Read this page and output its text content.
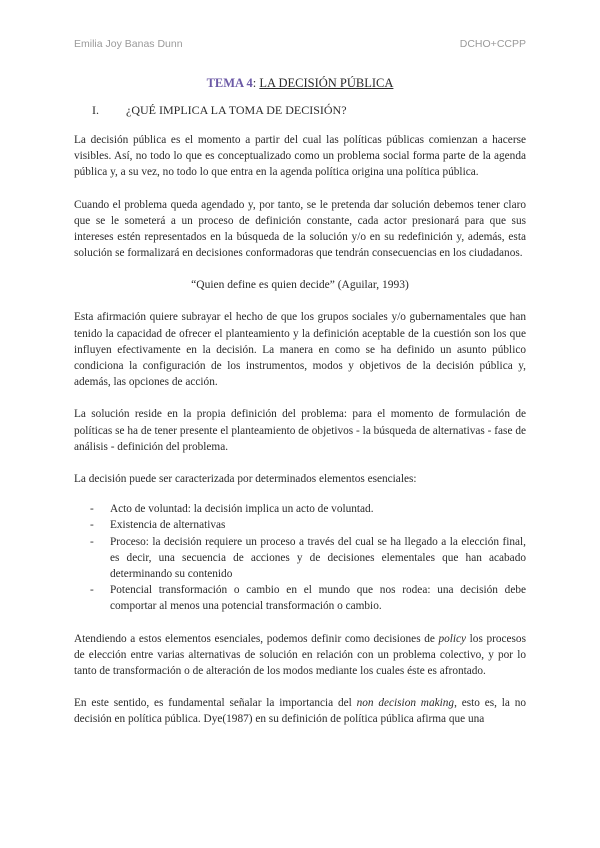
Emilia Joy Banas Dunn	DCHO+CCPP
TEMA 4: LA DECISIÓN PÚBLICA
I.	¿QUÉ IMPLICA LA TOMA DE DECISIÓN?

La decisión pública es el momento a partir del cual las políticas públicas comienzan a hacerse visibles. Así, no todo lo que es conceptualizado como un problema social forma parte de la agenda pública y, a su vez, no todo lo que entra en la agenda política origina una política pública.

Cuando el problema queda agendado y, por tanto, se le pretenda dar solución debemos tener claro que se le someterá a un proceso de definición constante, cada actor presionará para que sus intereses estén representados en la búsqueda de la solución y/o en su redefinición y, además, esta solución se formalizará en decisiones conformadoras que tendrán consecuencias en los ciudadanos.

“Quien define es quien decide” (Aguilar, 1993)

Esta afirmación quiere subrayar el hecho de que los grupos sociales y/o gubernamentales que han tenido la capacidad de ofrecer el planteamiento y la definición aceptable de la cuestión son los que influyen efectivamente en la decisión. La manera en como se ha definido un asunto público condiciona la configuración de los instrumentos, modos y objetivos de la decisión pública y, además, las opciones de acción.

La solución reside en la propia definición del problema: para el momento de formulación de políticas se ha de tener presente el planteamiento de objetivos - la búsqueda de alternativas - fase de análisis - definición del problema.

La decisión puede ser caracterizada por determinados elementos esenciales:

-	Acto de voluntad: la decisión implica un acto de voluntad.
-	Existencia de alternativas
-	Proceso: la decisión requiere un proceso a través del cual se ha llegado a la elección final, es decir, una secuencia de acciones y de decisiones elementales que han acabado determinando su contenido
-	Potencial transformación o cambio en el mundo que nos rodea: una decisión debe comportar al menos una potencial transformación o cambio.

Atendiendo a estos elementos esenciales, podemos definir como decisiones de policy los procesos de elección entre varias alternativas de solución en relación con un problema colectivo, y por lo tanto de transformación o de alteración de los modos mediante los cuales éste es afrontado.

En este sentido, es fundamental señalar la importancia del non decision making, esto es, la no decisión en política pública. Dye(1987) en su definición de política pública afirma que una
